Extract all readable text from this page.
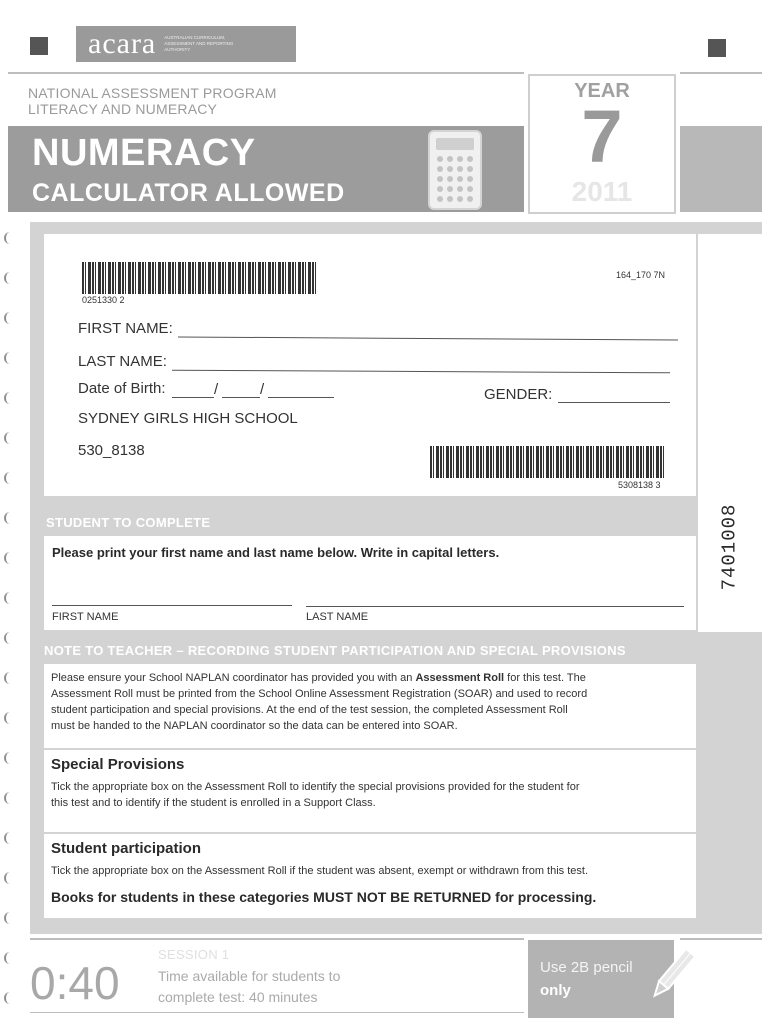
acara AUSTRALIAN CURRICULUM, ASSESSMENT AND REPORTING AUTHORITY
NATIONAL ASSESSMENT PROGRAM
LITERACY AND NUMERACY
NUMERACY
CALCULATOR ALLOWED
YEAR
7
2011
0251330 2
164_170 7N
FIRST NAME:
LAST NAME:
Date of Birth:	/	/	GENDER:
SYDNEY GIRLS HIGH SCHOOL
530_8138
5308138 3
STUDENT TO COMPLETE
Please print your first name and last name below. Write in capital letters.
FIRST NAME	LAST NAME
7401008
NOTE TO TEACHER – RECORDING STUDENT PARTICIPATION AND SPECIAL PROVISIONS
Please ensure your School NAPLAN coordinator has provided you with an Assessment Roll for this test. The
Assessment Roll must be printed from the School Online Assessment Registration (SOAR) and used to record
student participation and special provisions. At the end of the test session, the completed Assessment Roll
must be handed to the NAPLAN coordinator so the data can be entered into SOAR.
Special Provisions
Tick the appropriate box on the Assessment Roll to identify the special provisions provided for the student for
this test and to identify if the student is enrolled in a Support Class.
Student participation
Tick the appropriate box on the Assessment Roll if the student was absent, exempt or withdrawn from this test.
Books for students in these categories MUST NOT BE RETURNED for processing.
0:40
SESSION 1
Time available for students to
complete test: 40 minutes
Use 2B pencil
only
